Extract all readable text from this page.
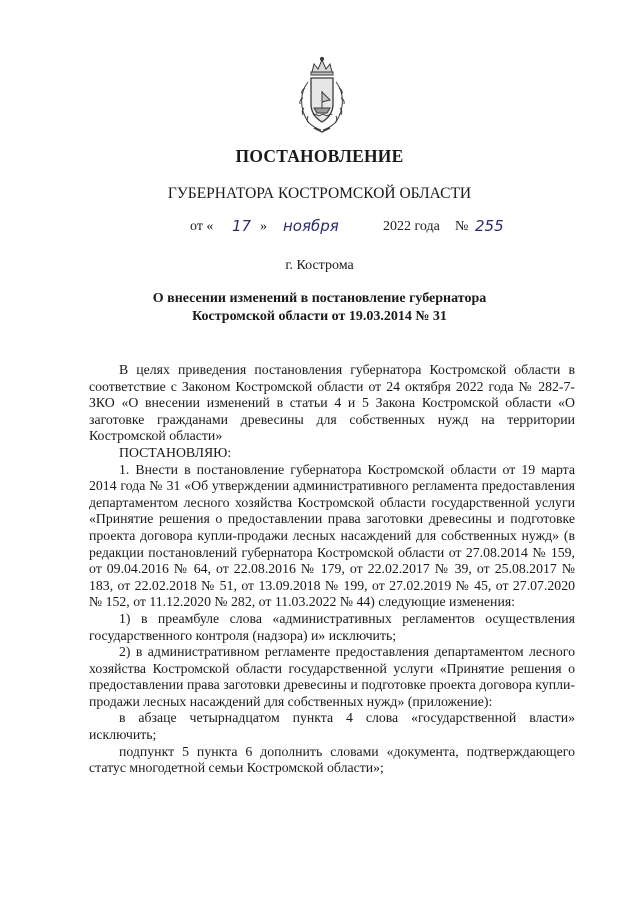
ПОСТАНОВЛЕНИЕ
ГУБЕРНАТОРА КОСТРОМСКОЙ ОБЛАСТИ
от « 17 » ноября	2022 года № 255
г. Кострома
О внесении изменений в постановление губернатора
Костромской области от 19.03.2014 № 31

В целях приведения постановления губернатора Костромской области в соответствие с Законом Костромской области от 24 октября 2022 года № 282-7-ЗКО «О внесении изменений в статьи 4 и 5 Закона Костромской области «О заготовке гражданами древесины для собственных нужд на территории Костромской области»

ПОСТАНОВЛЯЮ:

1. Внести в постановление губернатора Костромской области от 19 марта 2014 года № 31 «Об утверждении административного регламента предоставления департаментом лесного хозяйства Костромской области государственной услуги «Принятие решения о предоставлении права заготовки древесины и подготовке проекта договора купли-продажи лесных насаждений для собственных нужд» (в редакции постановлений губернатора Костромской области от 27.08.2014 № 159, от 09.04.2016 № 64, от 22.08.2016 № 179, от 22.02.2017 № 39, от 25.08.2017 № 183, от 22.02.2018 № 51, от 13.09.2018 № 199, от 27.02.2019 № 45, от 27.07.2020 № 152, от 11.12.2020 № 282, от 11.03.2022 № 44) следующие изменения:

1) в преамбуле слова «административных регламентов осуществления государственного контроля (надзора) и» исключить;

2) в административном регламенте предоставления департаментом лесного хозяйства Костромской области государственной услуги «Принятие решения о предоставлении права заготовки древесины и подготовке проекта договора купли-продажи лесных насаждений для собственных нужд» (приложение):

в абзаце четырнадцатом пункта 4 слова «государственной власти» исключить;

подпункт 5 пункта 6 дополнить словами «документа, подтверждающего статус многодетной семьи Костромской области»;
